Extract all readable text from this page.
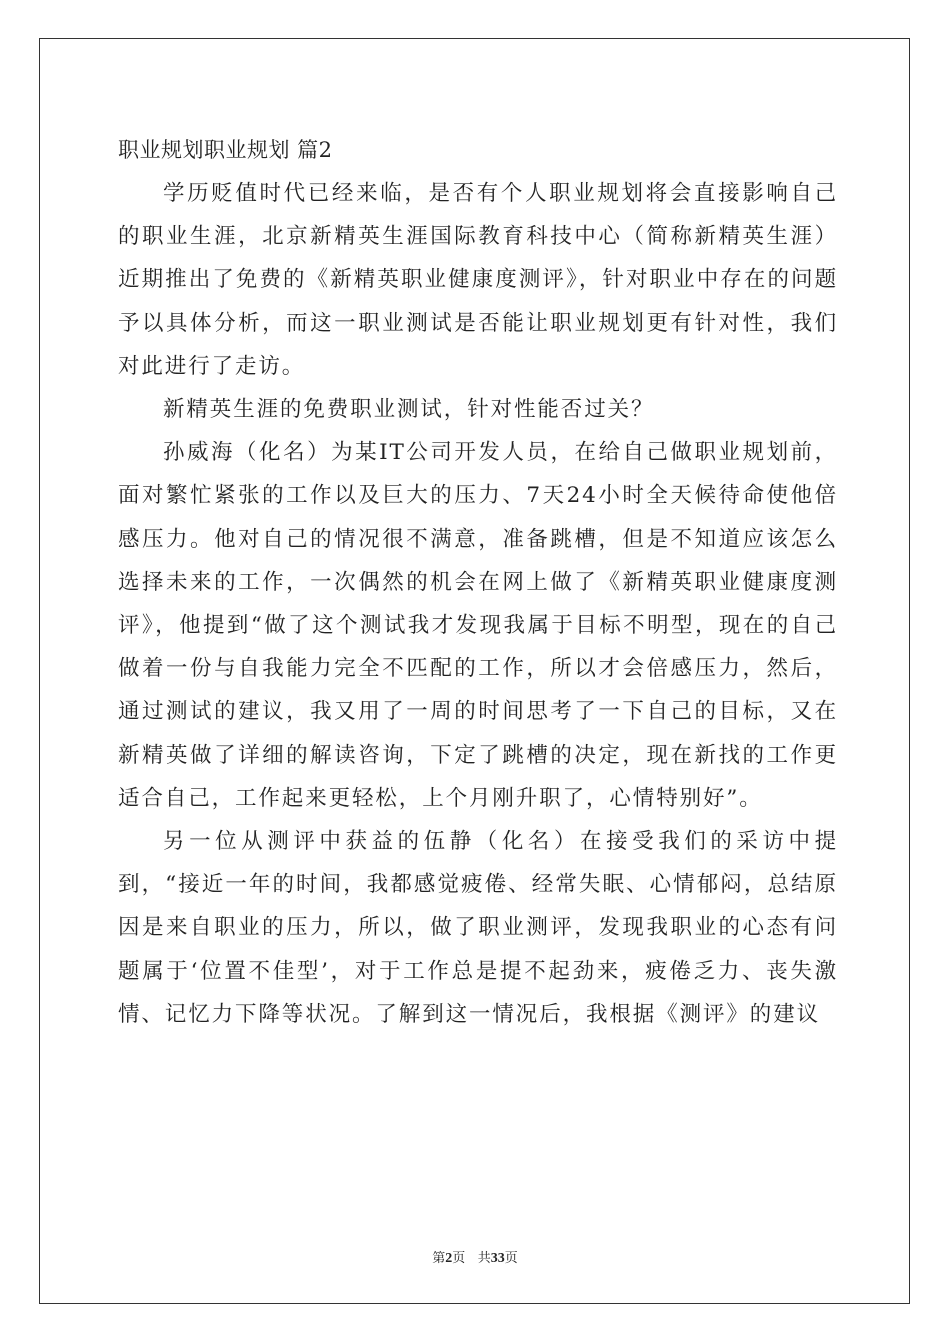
职业规划职业规划 篇2

学历贬值时代已经来临，是否有个人职业规划将会直接影响自己的职业生涯，北京新精英生涯国际教育科技中心（简称新精英生涯）近期推出了免费的《新精英职业健康度测评》，针对职业中存在的问题予以具体分析，而这一职业测试是否能让职业规划更有针对性，我们对此进行了走访。

新精英生涯的免费职业测试，针对性能否过关？

孙威海（化名）为某IT公司开发人员，在给自己做职业规划前，面对繁忙紧张的工作以及巨大的压力、7天24小时全天候待命使他倍感压力。他对自己的情况很不满意，准备跳槽，但是不知道应该怎么选择未来的工作，一次偶然的机会在网上做了《新精英职业健康度测评》，他提到“做了这个测试我才发现我属于目标不明型，现在的自己做着一份与自我能力完全不匹配的工作，所以才会倍感压力，然后，通过测试的建议，我又用了一周的时间思考了一下自己的目标，又在新精英做了详细的解读咨询，下定了跳槽的决定，现在新找的工作更适合自己，工作起来更轻松，上个月刚升职了，心情特别好”。

另一位从测评中获益的伍静（化名）在接受我们的采访中提到，“接近一年的时间，我都感觉疲倦、经常失眠、心情郁闷，总结原因是来自职业的压力，所以，做了职业测评，发现我职业的心态有问题属于‘位置不佳型’，对于工作总是提不起劲来，疲倦乏力、丧失激情、记忆力下降等状况。了解到这一情况后，我根据《测评》的建议

第2页   共33页
